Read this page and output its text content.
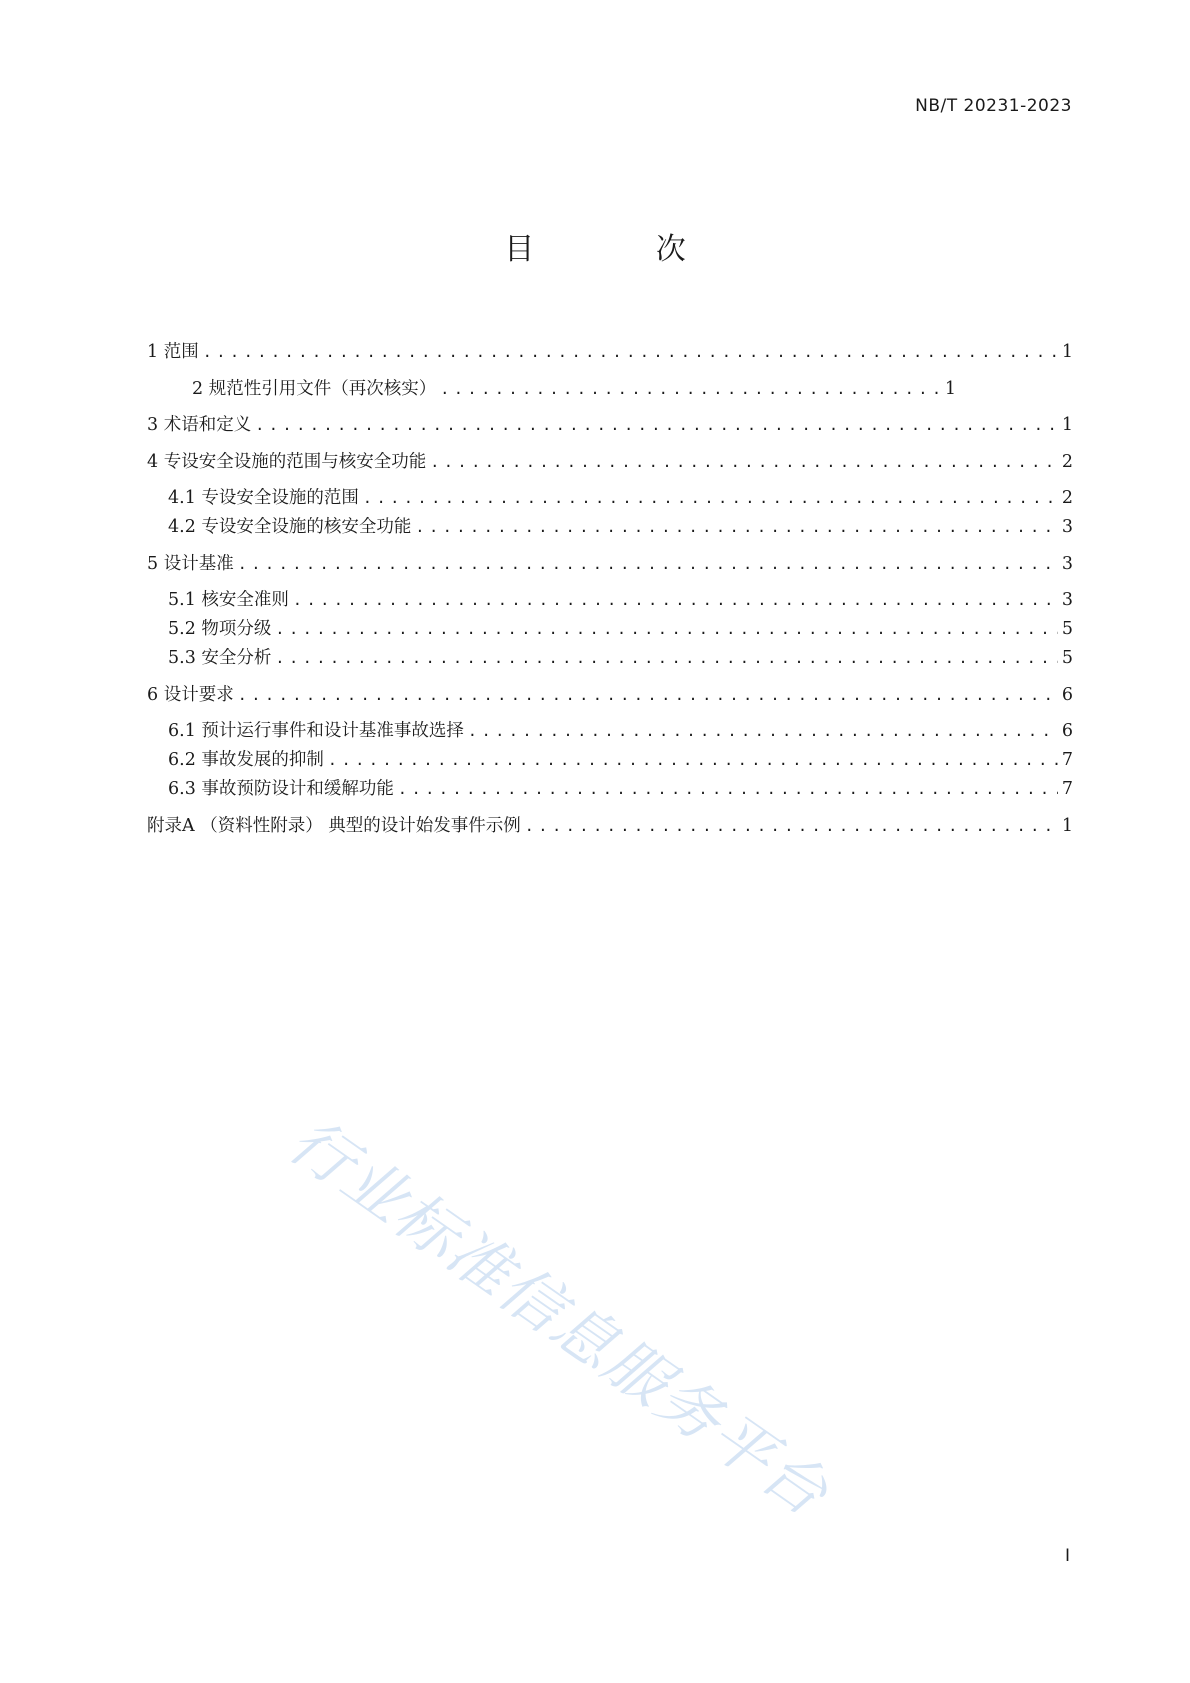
NB/T 20231-2023
目 次
1 范围 . . .	1
2 规范性引用文件（再次核实） . . .	1
3 术语和定义 . . .	1
4 专设安全设施的范围与核安全功能 . . .	2
4.1 专设安全设施的范围 . . .	2
4.2 专设安全设施的核安全功能 . . .	3
5 设计基准 . . .	3
5.1 核安全准则 . . .	3
5.2 物项分级 . . .	5
5.3 安全分析 . . .	5
6 设计要求 . . .	6
6.1 预计运行事件和设计基准事故选择 . . .	6
6.2 事故发展的抑制 . . .	7
6.3 事故预防设计和缓解功能 . . .	7
附录A （资料性附录） 典型的设计始发事件示例 . . .	1
行业标准信息服务平台
I
